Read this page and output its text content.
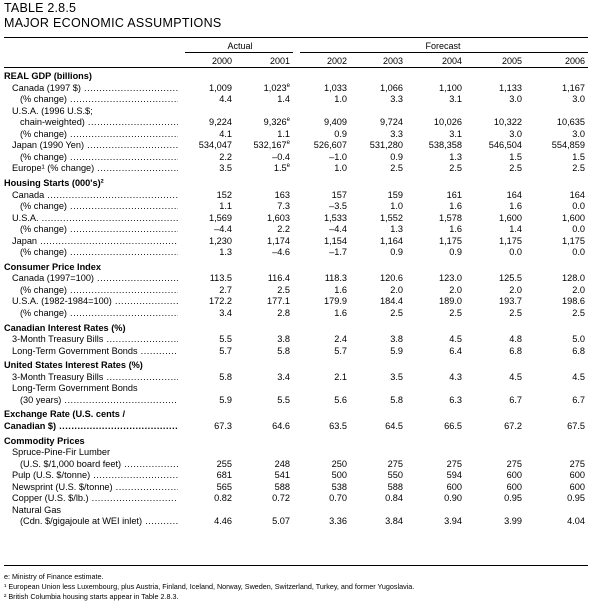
TABLE 2.8.5
MAJOR ECONOMIC ASSUMPTIONS
Actual	Forecast
2000	2001	2002	2003	2004	2005	2006
REAL GDP (billions)
Canada (1997 $) .....	1,009	1,023e	1,033	1,066	1,100	1,133	1,167
(% change) .....	4.4	1.4	1.0	3.3	3.1	3.0	3.0
U.S.A. (1996 U.S.$;
chain-weighted) .....	9,224	9,326e	9,409	9,724	10,026	10,322	10,635
(% change) .....	4.1	1.1	0.9	3.3	3.1	3.0	3.0
Japan (1990 Yen) .....	534,047	532,167e	526,607	531,280	538,358	546,504	554,859
(% change) .....	2.2	–0.4	–1.0	0.9	1.3	1.5	1.5
Europe¹ (% change) .....	3.5	1.5e	1.0	2.5	2.5	2.5	2.5
Housing Starts (000's)²
Canada .....	152	163	157	159	161	164	164
(% change) .....	1.1	7.3	–3.5	1.0	1.6	1.6	0.0
U.S.A. .....	1,569	1,603	1,533	1,552	1,578	1,600	1,600
(% change) .....	–4.4	2.2	–4.4	1.3	1.6	1.4	0.0
Japan .....	1,230	1,174	1,154	1,164	1,175	1,175	1,175
(% change) .....	1.3	–4.6	–1.7	0.9	0.9	0.0	0.0
Consumer Price Index
Canada (1997=100) .....	113.5	116.4	118.3	120.6	123.0	125.5	128.0
(% change) .....	2.7	2.5	1.6	2.0	2.0	2.0	2.0
U.S.A. (1982-1984=100) .....	172.2	177.1	179.9	184.4	189.0	193.7	198.6
(% change) .....	3.4	2.8	1.6	2.5	2.5	2.5	2.5
Canadian Interest Rates (%)
3-Month Treasury Bills .....	5.5	3.8	2.4	3.8	4.5	4.8	5.0
Long-Term Government Bonds .....	5.7	5.8	5.7	5.9	6.4	6.8	6.8
United States Interest Rates (%)
3-Month Treasury Bills .....	5.8	3.4	2.1	3.5	4.3	4.5	4.5
Long-Term Government Bonds
(30 years) .....	5.9	5.5	5.6	5.8	6.3	6.7	6.7
Exchange Rate (U.S. cents /
Canadian $) .....	67.3	64.6	63.5	64.5	66.5	67.2	67.5
Commodity Prices
Spruce-Pine-Fir Lumber
(U.S. $/1,000 board feet) .....	255	248	250	275	275	275	275
Pulp (U.S. $/tonne) .....	681	541	500	550	594	600	600
Newsprint (U.S. $/tonne) .....	565	588	538	588	600	600	600
Copper (U.S. $/lb.) .....	0.82	0.72	0.70	0.84	0.90	0.95	0.95
Natural Gas
(Cdn. $/gigajoule at WEI inlet) .....	4.46	5.07	3.36	3.84	3.94	3.99	4.04
e: Ministry of Finance estimate.
¹ European Union less Luxembourg, plus Austria, Finland, Iceland, Norway, Sweden, Switzerland, Turkey, and former Yugoslavia.
² British Columbia housing starts appear in Table 2.8.3.
